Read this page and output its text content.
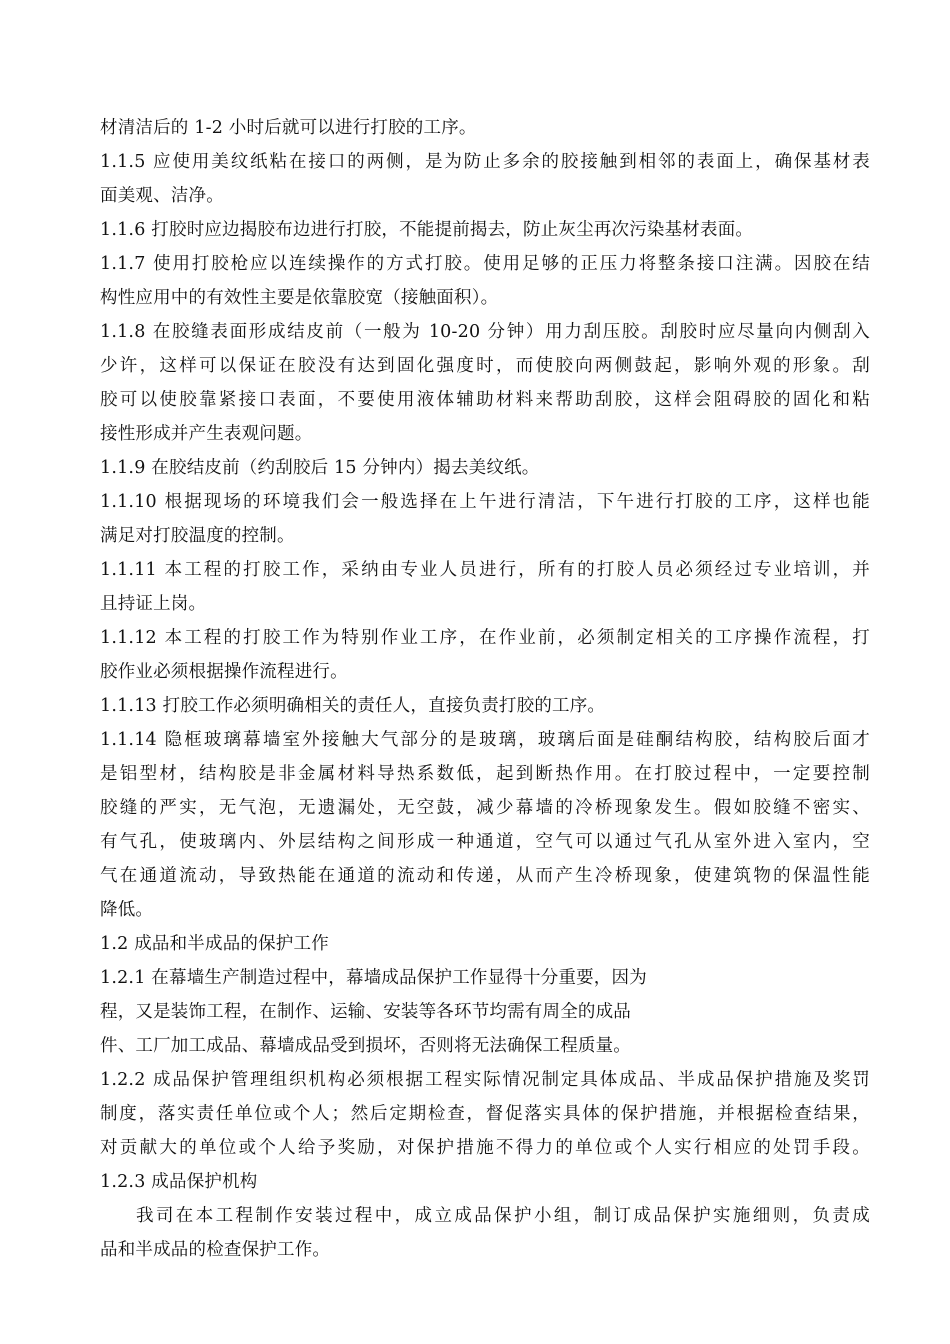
材清洁后的 1-2 小时后就可以进行打胶的工序。
1.1.5 应使用美纹纸粘在接口的两侧，是为防止多余的胶接触到相邻的表面上，确保基材表
面美观、洁净。
1.1.6 打胶时应边揭胶布边进行打胶，不能提前揭去，防止灰尘再次污染基材表面。
1.1.7 使用打胶枪应以连续操作的方式打胶。使用足够的正压力将整条接口注满。因胶在结
构性应用中的有效性主要是依靠胶宽（接触面积）。
1.1.8 在胶缝表面形成结皮前（一般为 10-20 分钟）用力刮压胶。刮胶时应尽量向内侧刮入
少许，这样可以保证在胶没有达到固化强度时，而使胶向两侧鼓起，影响外观的形象。刮
胶可以使胶靠紧接口表面，不要使用液体辅助材料来帮助刮胶，这样会阻碍胶的固化和粘
接性形成并产生表观问题。
1.1.9 在胶结皮前（约刮胶后 15 分钟内）揭去美纹纸。
1.1.10 根据现场的环境我们会一般选择在上午进行清洁，下午进行打胶的工序，这样也能
满足对打胶温度的控制。
1.1.11 本工程的打胶工作，采纳由专业人员进行，所有的打胶人员必须经过专业培训，并
且持证上岗。
1.1.12 本工程的打胶工作为特别作业工序，在作业前，必须制定相关的工序操作流程，打
胶作业必须根据操作流程进行。
1.1.13 打胶工作必须明确相关的责任人，直接负责打胶的工序。
1.1.14 隐框玻璃幕墙室外接触大气部分的是玻璃，玻璃后面是硅酮结构胶，结构胶后面才
是铝型材，结构胶是非金属材料导热系数低，起到断热作用。在打胶过程中，一定要控制
胶缝的严实，无气泡，无遗漏处，无空鼓，减少幕墙的冷桥现象发生。假如胶缝不密实、
有气孔，使玻璃内、外层结构之间形成一种通道，空气可以通过气孔从室外进入室内，空
气在通道流动，导致热能在通道的流动和传递，从而产生冷桥现象，使建筑物的保温性能
降低。
1.2 成品和半成品的保护工作
1.2.1 在幕墙生产制造过程中，幕墙成品保护工作显得十分重要，因为
程，又是装饰工程，在制作、运输、安装等各环节均需有周全的成品
件、工厂加工成品、幕墙成品受到损坏，否则将无法确保工程质量。
1.2.2 成品保护管理组织机构必须根据工程实际情况制定具体成品、半成品保护措施及奖罚
制度，落实责任单位或个人；然后定期检查，督促落实具体的保护措施，并根据检查结果，
对贡献大的单位或个人给予奖励，对保护措施不得力的单位或个人实行相应的处罚手段。
1.2.3 成品保护机构
我司在本工程制作安装过程中，成立成品保护小组，制订成品保护实施细则，负责成
品和半成品的检查保护工作。
